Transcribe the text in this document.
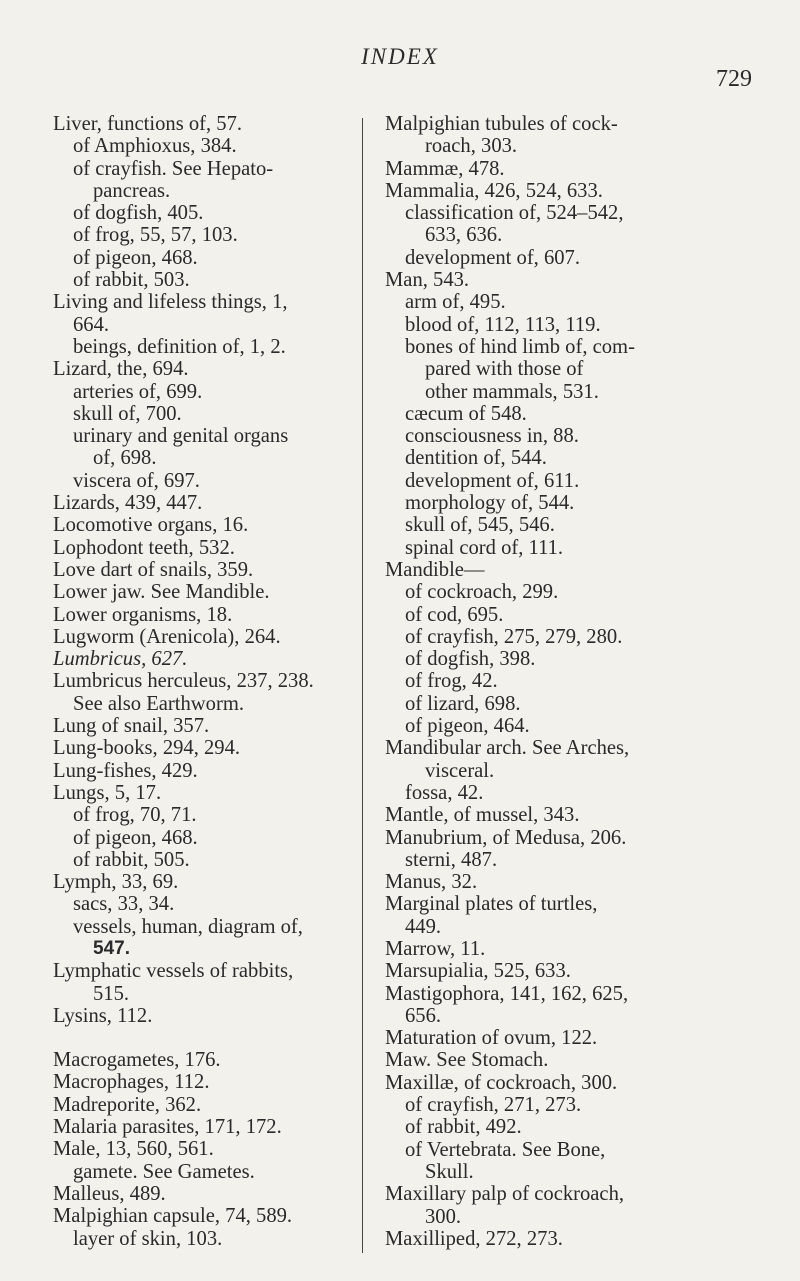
INDEX
729
Liver, functions of, 57.
of Amphioxus, 384.
of crayfish. See Hepato-
pancreas.
of dogfish, 405.
of frog, 55, 57, 103.
of pigeon, 468.
of rabbit, 503.
Living and lifeless things, 1,
664.
beings, definition of, 1, 2.
Lizard, the, 694.
arteries of, 699.
skull of, 700.
urinary and genital organs
of, 698.
viscera of, 697.
Lizards, 439, 447.
Locomotive organs, 16.
Lophodont teeth, 532.
Love dart of snails, 359.
Lower jaw. See Mandible.
Lower organisms, 18.
Lugworm (Arenicola), 264.
Lumbricus, 627.
Lumbricus herculeus, 237, 238.
See also Earthworm.
Lung of snail, 357.
Lung-books, 294, 294.
Lung-fishes, 429.
Lungs, 5, 17.
of frog, 70, 71.
of pigeon, 468.
of rabbit, 505.
Lymph, 33, 69.
sacs, 33, 34.
vessels, human, diagram of,
547.
Lymphatic vessels of rabbits,
515.
Lysins, 112.
Macrogametes, 176.
Macrophages, 112.
Madreporite, 362.
Malaria parasites, 171, 172.
Male, 13, 560, 561.
gamete. See Gametes.
Malleus, 489.
Malpighian capsule, 74, 589.
layer of skin, 103.
Malpighian tubules of cock-
roach, 303.
Mammæ, 478.
Mammalia, 426, 524, 633.
classification of, 524–542,
633, 636.
development of, 607.
Man, 543.
arm of, 495.
blood of, 112, 113, 119.
bones of hind limb of, com-
pared with those of
other mammals, 531.
cæcum of 548.
consciousness in, 88.
dentition of, 544.
development of, 611.
morphology of, 544.
skull of, 545, 546.
spinal cord of, 111.
Mandible—
of cockroach, 299.
of cod, 695.
of crayfish, 275, 279, 280.
of dogfish, 398.
of frog, 42.
of lizard, 698.
of pigeon, 464.
Mandibular arch. See Arches,
visceral.
fossa, 42.
Mantle, of mussel, 343.
Manubrium, of Medusa, 206.
sterni, 487.
Manus, 32.
Marginal plates of turtles,
449.
Marrow, 11.
Marsupialia, 525, 633.
Mastigophora, 141, 162, 625,
656.
Maturation of ovum, 122.
Maw. See Stomach.
Maxillæ, of cockroach, 300.
of crayfish, 271, 273.
of rabbit, 492.
of Vertebrata. See Bone,
Skull.
Maxillary palp of cockroach,
300.
Maxilliped, 272, 273.
